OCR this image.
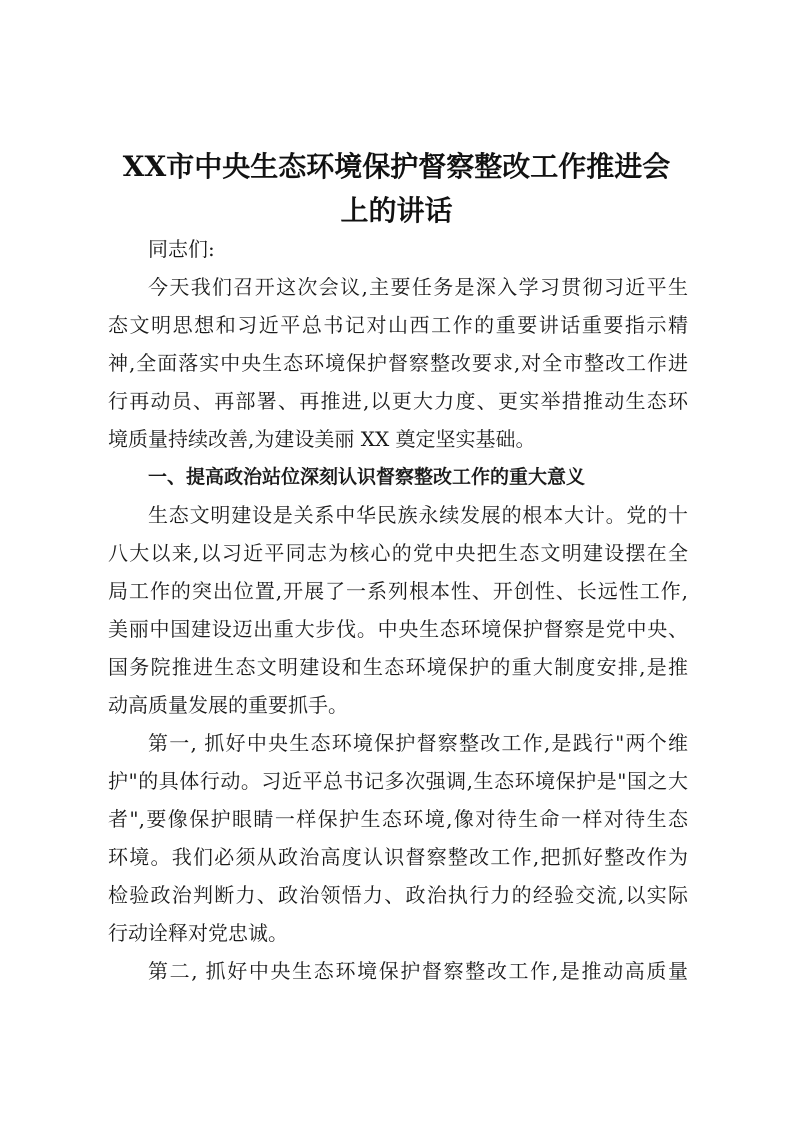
XX市中央生态环境保护督察整改工作推进会
上的讲话
同志们:
今天我们召开这次会议,主要任务是深入学习贯彻习近平生
态文明思想和习近平总书记对山西工作的重要讲话重要指示精
神,全面落实中央生态环境保护督察整改要求,对全市整改工作进
行再动员、再部署、再推进,以更大力度、更实举措推动生态环
境质量持续改善,为建设美丽 XX 奠定坚实基础。
一、提高政治站位深刻认识督察整改工作的重大意义
生态文明建设是关系中华民族永续发展的根本大计。党的十
八大以来,以习近平同志为核心的党中央把生态文明建设摆在全
局工作的突出位置,开展了一系列根本性、开创性、长远性工作,
美丽中国建设迈出重大步伐。中央生态环境保护督察是党中央、
国务院推进生态文明建设和生态环境保护的重大制度安排,是推
动高质量发展的重要抓手。
第一, 抓好中央生态环境保护督察整改工作,是践行"两个维
护"的具体行动。习近平总书记多次强调,生态环境保护是"国之大
者",要像保护眼睛一样保护生态环境,像对待生命一样对待生态
环境。我们必须从政治高度认识督察整改工作,把抓好整改作为
检验政治判断力、政治领悟力、政治执行力的经验交流,以实际
行动诠释对党忠诚。
第二, 抓好中央生态环境保护督察整改工作,是推动高质量
